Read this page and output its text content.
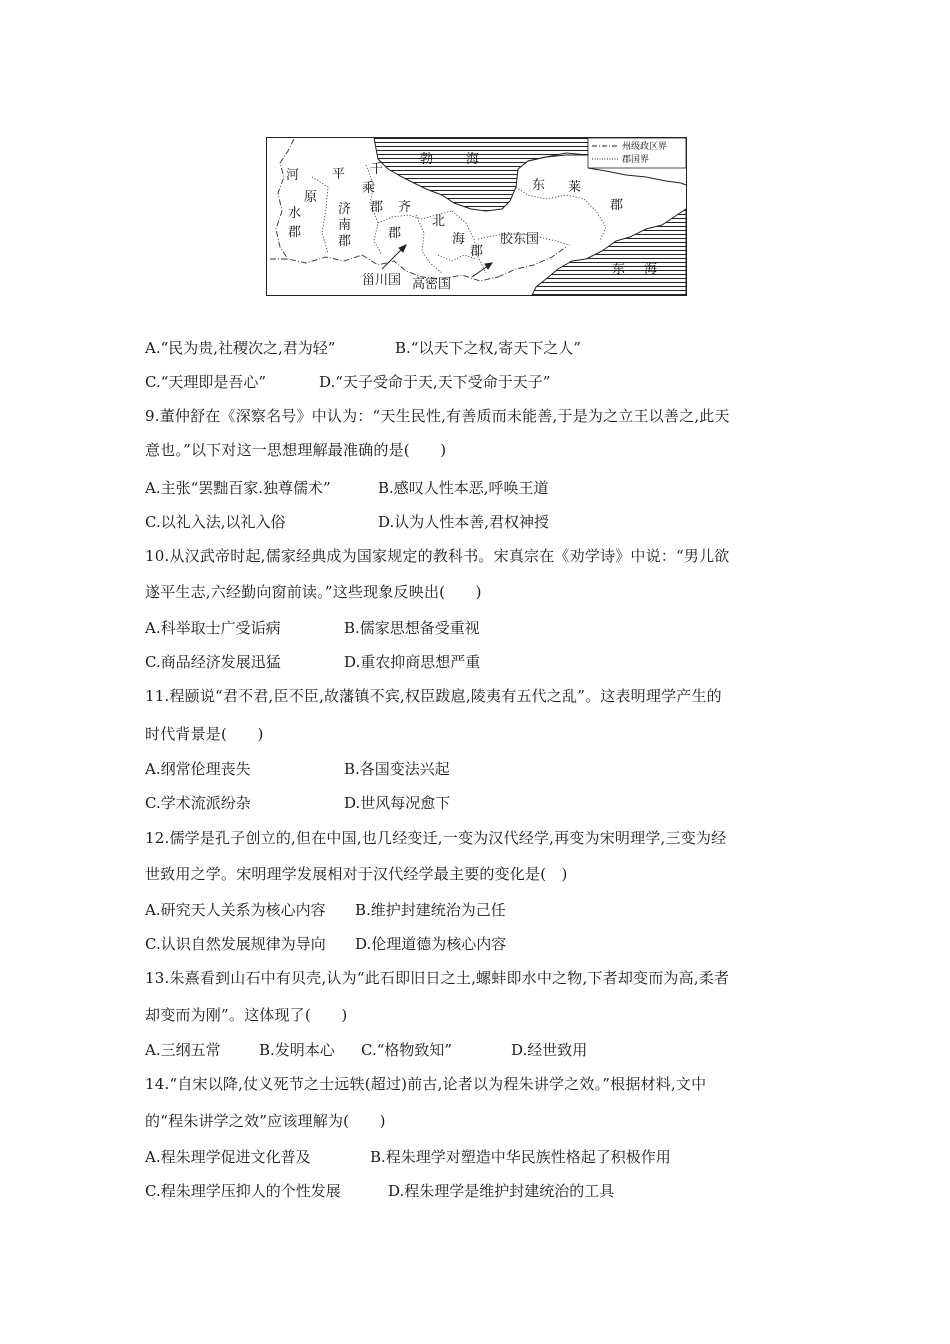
州级政区界
郡国界
河
水
郡
平
原
济
南
郡
千
乘
郡 齐
郡
勃	海
北
海
郡
东 莱
郡
胶东国
甾川国 高密国
东 海
A.“民为贵,社稷次之,君为轻”	B.“以天下之权,寄天下之人”
C.“天理即是吾心”	D.“天子受命于天,天下受命于天子”
9.董仲舒在《深察名号》中认为：“天生民性,有善质而未能善,于是为之立王以善之,此天
意也。”以下对这一思想理解最准确的是(　　)
A.主张“罢黜百家.独尊儒术”	B.感叹人性本恶,呼唤王道
C.以礼入法,以礼入俗	D.认为人性本善,君权神授
10.从汉武帝时起,儒家经典成为国家规定的教科书。宋真宗在《劝学诗》中说：“男儿欲
遂平生志,六经勤向窗前读。”这些现象反映出(　　)
A.科举取士广受诟病	B.儒家思想备受重视
C.商品经济发展迅猛	D.重农抑商思想严重
11.程颐说“君不君,臣不臣,故藩镇不宾,权臣跋扈,陵夷有五代之乱”。这表明理学产生的
时代背景是(　　)
A.纲常伦理丧失	B.各国变法兴起
C.学术流派纷杂	D.世风每况愈下
12.儒学是孔子创立的,但在中国,也几经变迁,一变为汉代经学,再变为宋明理学,三变为经
世致用之学。宋明理学发展相对于汉代经学最主要的变化是(　)
A.研究天人关系为核心内容 B.维护封建统治为己任
C.认识自然发展规律为导向 D.伦理道德为核心内容
13.朱熹看到山石中有贝壳,认为“此石即旧日之土,螺蚌即水中之物,下者却变而为高,柔者
却变而为刚”。这体现了(　　)
A.三纲五常	B.发明本心 C.“格物致知”	D.经世致用
14.“自宋以降,仗义死节之士远轶(超过)前古,论者以为程朱讲学之效。”根据材料,文中
的“程朱讲学之效”应该理解为(　　)
A.程朱理学促进文化普及	B.程朱理学对塑造中华民族性格起了积极作用
C.程朱理学压抑人的个性发展	D.程朱理学是维护封建统治的工具
